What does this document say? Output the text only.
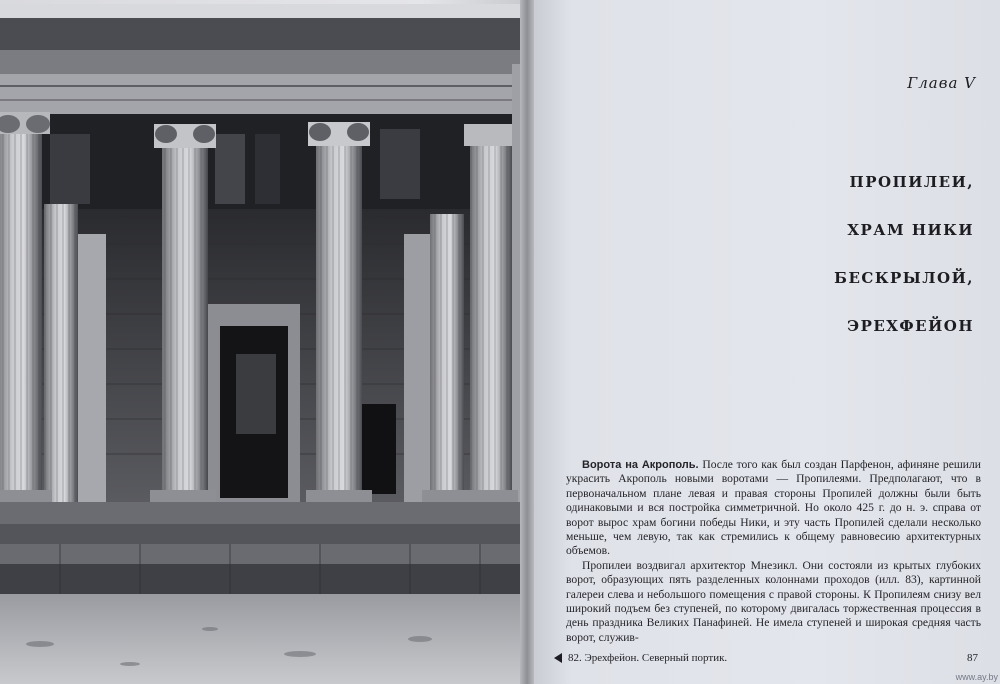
Глава V
ПРОПИЛЕИ,
ХРАМ НИКИ
БЕСКРЫЛОЙ,
ЭРЕХФЕЙОН

Ворота на Акрополь. После того как был создан Парфенон, афиняне решили украсить Акрополь новыми воротами — Пропилеями. Предполагают, что в первоначальном плане левая и правая стороны Пропилей должны были быть одинаковыми и вся постройка симметричной. Но около 425 г. до н. э. справа от ворот вырос храм богини победы Ники, и эту часть Пропилей сделали несколько меньше, чем левую, так как стремились к общему равновесию архитектурных объемов.

Пропилеи воздвигал архитектор Мнезикл. Они состояли из крытых глубоких ворот, образующих пять разделенных колоннами проходов (илл. 83), картинной галереи слева и небольшого помещения с правой стороны. К Пропилеям снизу вел широкий подъем без ступеней, по которому двигалась торжественная процессия в день праздника Великих Панафиней. Не имела ступеней и широкая средняя часть ворот, служив-

82. Эрехфейон. Северный портик.	87
www.ay.by
